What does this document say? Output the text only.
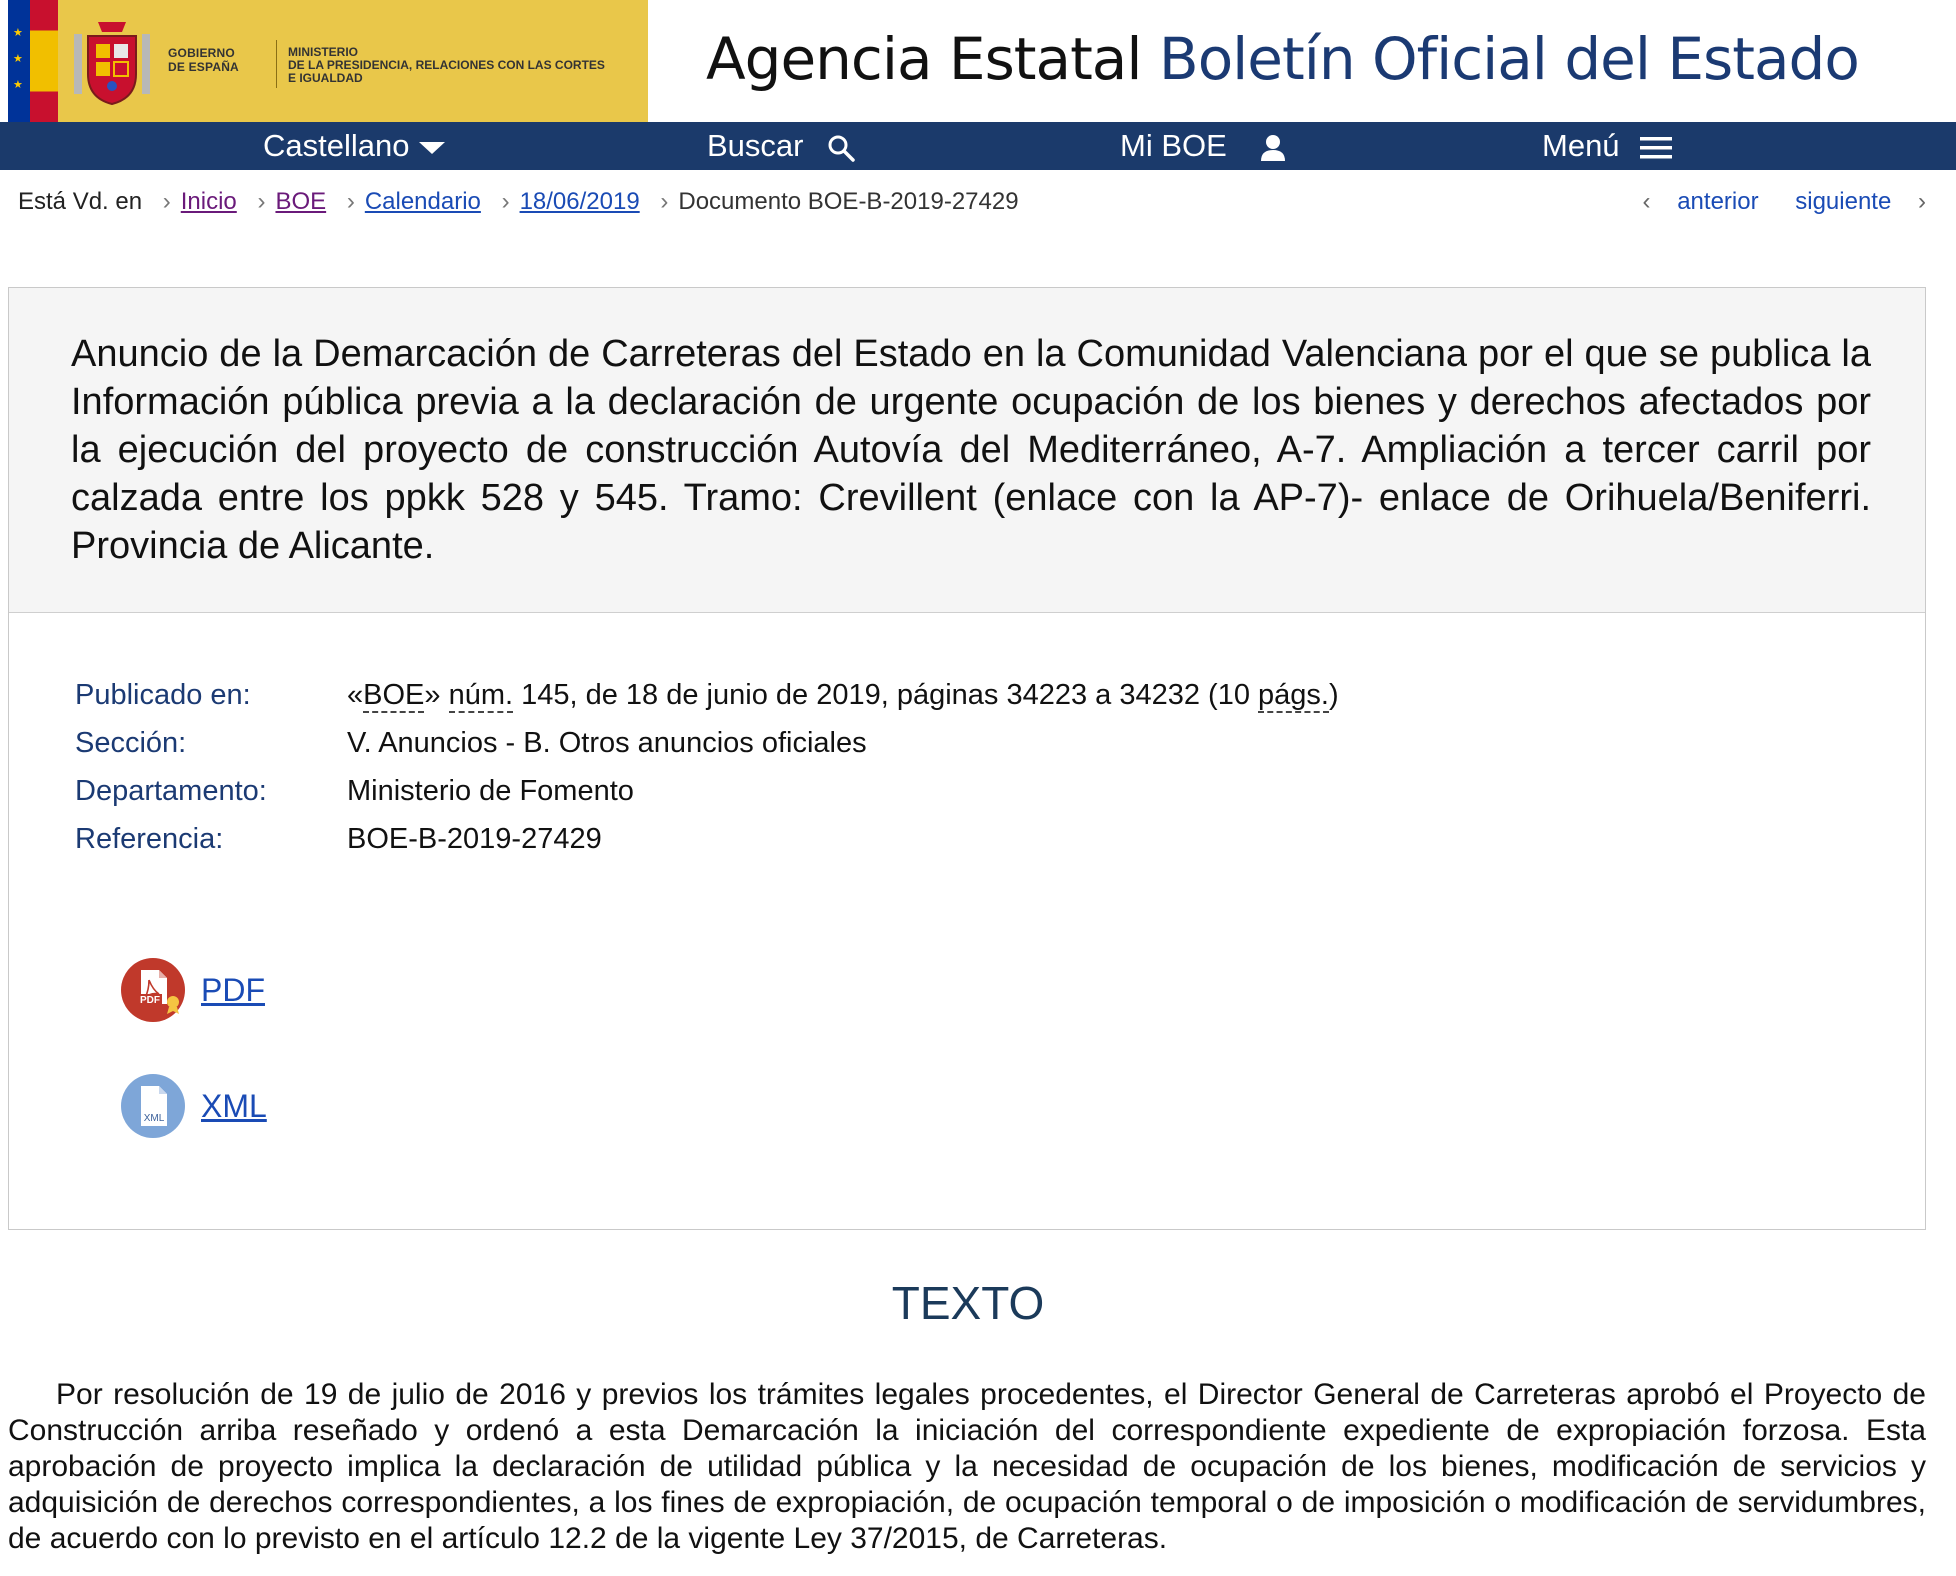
★
★
★
GOBIERNO
DE ESPAÑA
MINISTERIO
DE LA PRESIDENCIA, RELACIONES CON LAS CORTES
E IGUALDAD	Agencia Estatal Boletín Oficial del Estado
Castellano	Buscar	Mi BOE	Menú
Está Vd. en › Inicio › BOE › Calendario › 18/06/2019 › Documento BOE-B-2019-27429	‹ anterior siguiente ›
Anuncio de la Demarcación de Carreteras del Estado en la Comunidad Valenciana por el que se publica la Información pública previa a la declaración de urgente ocupación de los bienes y derechos afectados por la ejecución del proyecto de construcción Autovía del Mediterráneo, A-7. Ampliación a tercer carril por calzada entre los ppkk 528 y 545. Tramo: Crevillent (enlace con la AP-7)- enlace de Orihuela/Beniferri. Provincia de Alicante.
Publicado en:	«BOE» núm. 145, de 18 de junio de 2019, páginas 34223 a 34232 (10 págs.)
Sección:	V. Anuncios - B. Otros anuncios oficiales
Departamento:	Ministerio de Fomento
Referencia:	BOE-B-2019-27429
PDF PDF
XML XML
TEXTO

Por resolución de 19 de julio de 2016 y previos los trámites legales procedentes, el Director General de Carreteras aprobó el Proyecto de Construcción arriba reseñado y ordenó a esta Demarcación la iniciación del correspondiente expediente de expropiación forzosa. Esta aprobación de proyecto implica la declaración de utilidad pública y la necesidad de ocupación de los bienes, modificación de servicios y adquisición de derechos correspondientes, a los fines de expropiación, de ocupación temporal o de imposición o modificación de servidumbres, de acuerdo con lo previsto en el artículo 12.2 de la vigente Ley 37/2015, de Carreteras.
